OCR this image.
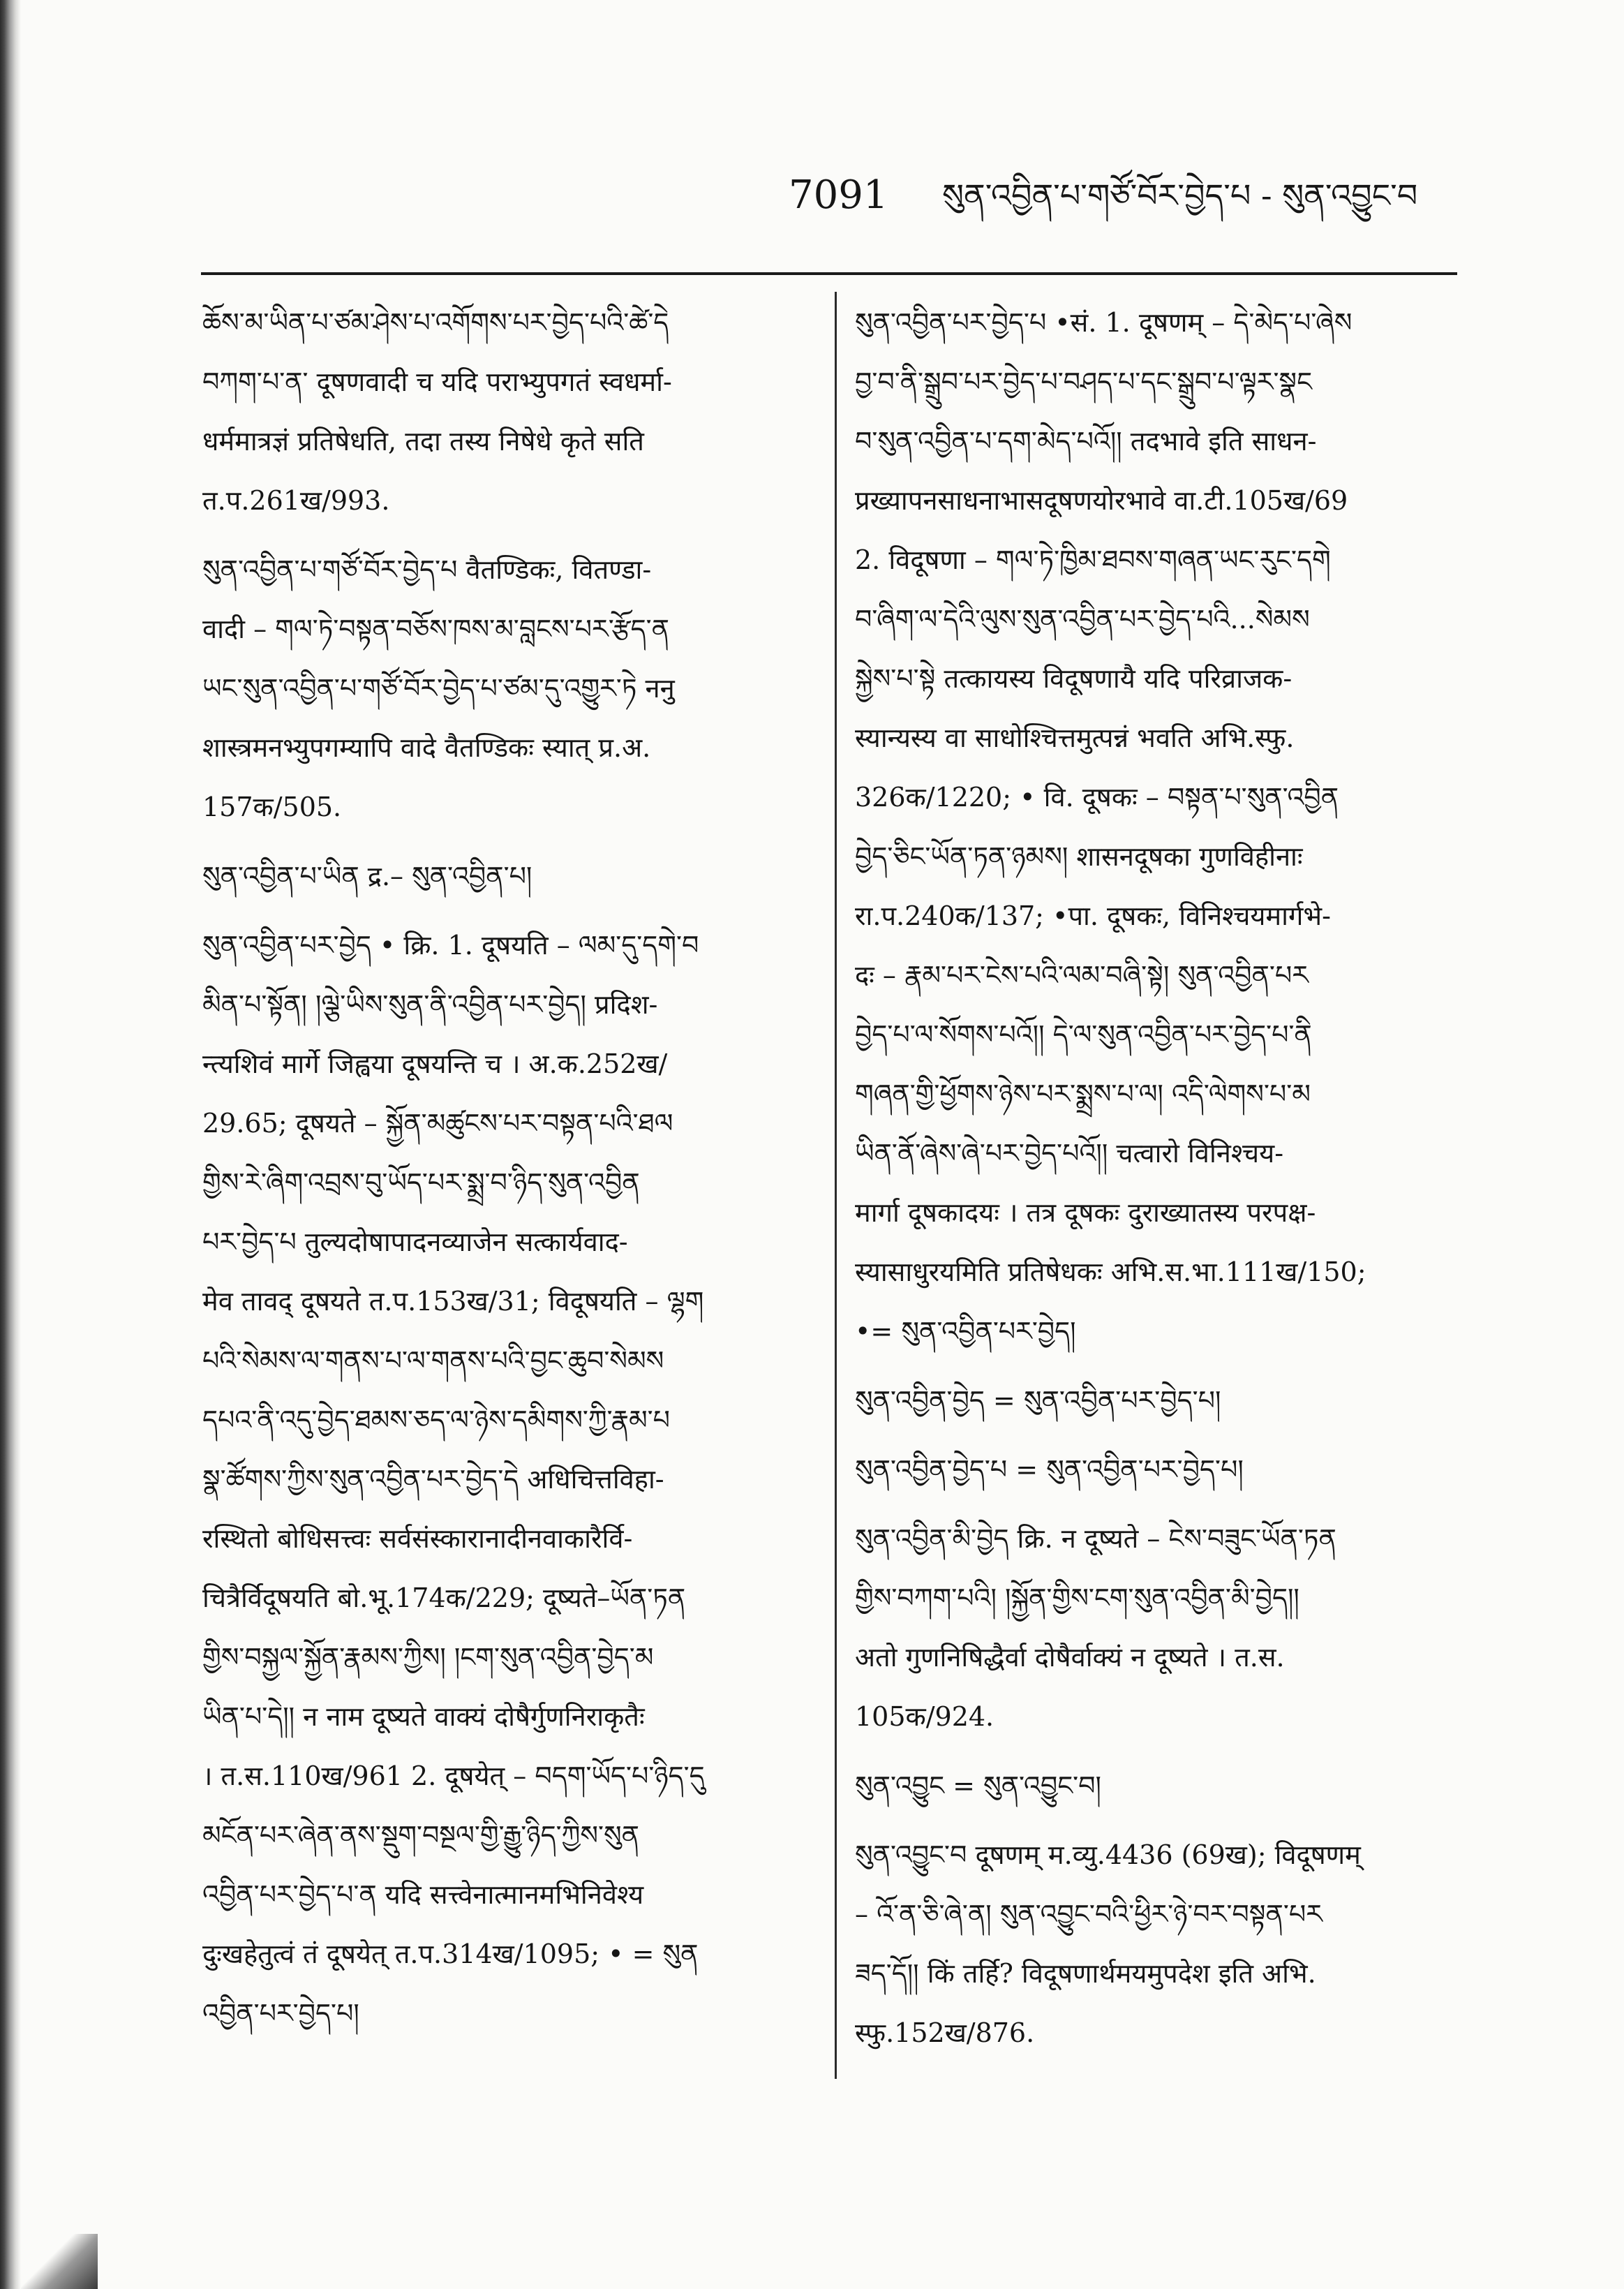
7091 སུན་འབྱིན་པ་གཙོ་བོར་བྱེད་པ - སུན་འབྱུང་བ
ཆོས་མ་ཡིན་པ་ཙམ་ཤེས་པ་འགོགས་པར་བྱེད་པའི་ཚེ་དེ
བཀག་པ་ན་ दूषणवादी च यदि पराभ्युपगतं स्वधर्मा-
धर्ममात्रज्ञं प्रतिषेधति, तदा तस्य निषेधे कृते सति
त.प.261ख/993.
སུན་འབྱིན་པ་གཙོ་བོར་བྱེད་པ वैतण्डिकः, वितण्डा-
वादी – གལ་ཏེ་བསྟན་བཅོས་ཁས་མ་བླངས་པར་རྩོད་ན
ཡང་སུན་འབྱིན་པ་གཙོ་བོར་བྱེད་པ་ཙམ་དུ་འགྱུར་ཏེ ननु
शास्त्रमनभ्युपगम्यापि वादे वैतण्डिकः स्यात् प्र.अ.
157क/505.
སུན་འབྱིན་པ་ཡིན द्र.– སུན་འབྱིན་པ།
སུན་འབྱིན་པར་བྱེད • क्रि. 1. दूषयति – ལམ་དུ་དགེ་བ
མིན་པ་སྟོན། །ལྕེ་ཡིས་སུན་ནི་འབྱིན་པར་བྱེད། प्रदिश-
न्त्यशिवं मार्गे जिह्वया दूषयन्ति च । अ.क.252ख/
29.65; दूषयते – སྐྱོན་མཚུངས་པར་བསྟན་པའི་ཐལ
གྱིས་རེ་ཞིག་འབྲས་བུ་ཡོད་པར་སྨྲ་བ་ཉིད་སུན་འབྱིན
པར་བྱེད་པ तुल्यदोषापादनव्याजेन सत्कार्यवाद-
मेव तावद् दूषयते त.प.153ख/31; विदूषयति – ལྷག
པའི་སེམས་ལ་གནས་པ་ལ་གནས་པའི་བྱང་ཆུབ་སེམས
དཔའ་ནི་འདུ་བྱེད་ཐམས་ཅད་ལ་ཉེས་དམིགས་ཀྱི་རྣམ་པ
སྣ་ཚོགས་ཀྱིས་སུན་འབྱིན་པར་བྱེད་དེ अधिचित्तविहा-
रस्थितो बोधिसत्त्वः सर्वसंस्कारानादीनवाकारैर्वि-
चित्रैर्विदूषयति बो.भू.174क/229; दूष्यते–ཡོན་ཏན
གྱིས་བསྐྱལ་སྐྱོན་རྣམས་ཀྱིས། །ངག་སུན་འབྱིན་བྱེད་མ
ཡིན་པ་དེ།། न नाम दूष्यते वाक्यं दोषैर्गुणनिराकृतैः
। त.स.110ख/961 2. दूषयेत् – བདག་ཡོད་པ་ཉིད་དུ
མངོན་པར་ཞེན་ནས་སྡུག་བསྔལ་གྱི་རྒྱུ་ཉིད་ཀྱིས་སུན
འབྱིན་པར་བྱེད་པ་ན यदि सत्त्वेनात्मानमभिनिवेश्य
दुःखहेतुत्वं तं दूषयेत् त.प.314ख/1095; • = སུན
འབྱིན་པར་བྱེད་པ།
སུན་འབྱིན་པར་བྱེད་པ •सं. 1. दूषणम् – དེ་མེད་པ་ཞེས
བྱ་བ་ནི་སྒྲུབ་པར་བྱེད་པ་བཤད་པ་དང་སྒྲུབ་པ་ལྟར་སྣང
བ་སུན་འབྱིན་པ་དག་མེད་པའོ།། तदभावे इति साधन-
प्रख्यापनसाधनाभासदूषणयोरभावे वा.टी.105ख/69
2. विदूषणा – གལ་ཏེ་ཁྱིམ་ཐབས་གཞན་ཡང་རུང་དགེ
བ་ཞིག་ལ་དེའི་ལུས་སུན་འབྱིན་པར་བྱེད་པའི...སེམས
སྐྱེས་པ་སྟེ तत्कायस्य विदूषणायै यदि परिव्राजक-
स्यान्यस्य वा साधोश्चित्तमुत्पन्नं भवति अभि.स्फु.
326क/1220; • वि. दूषकः – བསྟན་པ་སུན་འབྱིན
བྱེད་ཅིང་ཡོན་ཏན་ཉམས། शासनदूषका गुणविहीनाः
रा.प.240क/137; •पा. दूषकः, विनिश्चयमार्गभे-
दः – རྣམ་པར་ངེས་པའི་ལམ་བཞི་སྟེ། སུན་འབྱིན་པར
བྱེད་པ་ལ་སོགས་པའོ།། དེ་ལ་སུན་འབྱིན་པར་བྱེད་པ་ནི
གཞན་གྱི་ཕྱོགས་ཉེས་པར་སྨྲས་པ་ལ། འདི་ལེགས་པ་མ
ཡིན་ནོ་ཞེས་ཞེ་པར་བྱེད་པའོ།། चत्वारो विनिश्चय-
मार्गा दूषकादयः । तत्र दूषकः दुराख्यातस्य परपक्ष-
स्यासाधुरयमिति प्रतिषेधकः अभि.स.भा.111ख/150;
•= སུན་འབྱིན་པར་བྱེད།
སུན་འབྱིན་བྱེད = སུན་འབྱིན་པར་བྱེད་པ།
སུན་འབྱིན་བྱེད་པ = སུན་འབྱིན་པར་བྱེད་པ།
སུན་འབྱིན་མི་བྱེད क्रि. न दूष्यते – ངེས་བཟུང་ཡོན་ཏན
གྱིས་བཀག་པའི། །སྐྱོན་གྱིས་ངག་སུན་འབྱིན་མི་བྱེད།།
अतो गुणनिषिद्धैर्वा दोषैर्वाक्यं न दूष्यते । त.स.
105क/924.
སུན་འབྱུང = སུན་འབྱུང་བ།
སུན་འབྱུང་བ दूषणम् म.व्यु.4436 (69ख); विदूषणम्
– འོ་ན་ཅི་ཞེ་ན། སུན་འབྱུང་བའི་ཕྱིར་ཉེ་བར་བསྟན་པར
ཟད་དོ།། किं तर्हि? विदूषणार्थमयमुपदेश इति अभि.
स्फु.152ख/876.
